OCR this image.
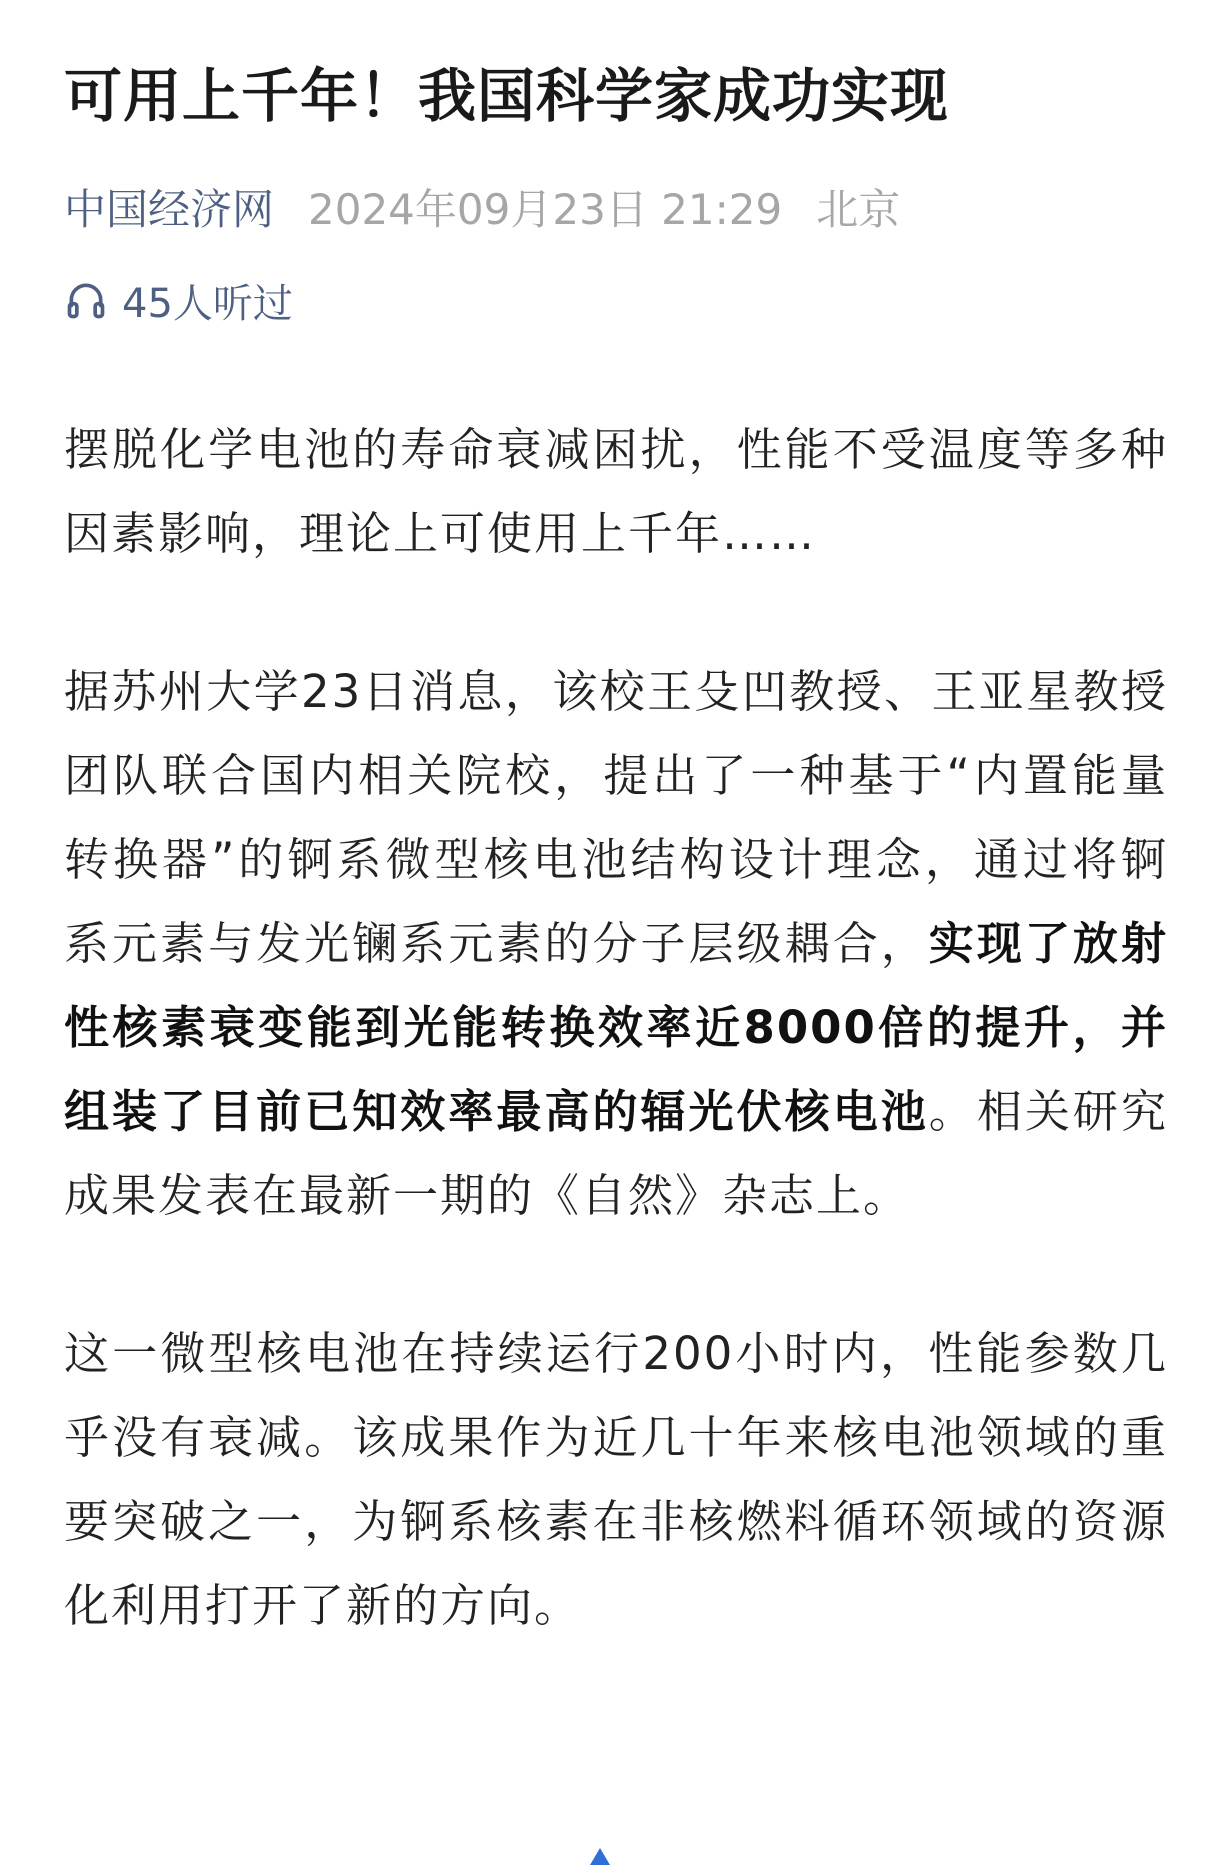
可用上千年！我国科学家成功实现
中国经济网 2024年09月23日 21:29 北京
45人听过

摆脱化学电池的寿命衰减困扰，性能不受温度等多种因素影响，理论上可使用上千年……

据苏州大学23日消息，该校王殳凹教授、王亚星教授团队联合国内相关院校，提出了一种基于“内置能量转换器”的锕系微型核电池结构设计理念，通过将锕系元素与发光镧系元素的分子层级耦合，实现了放射性核素衰变能到光能转换效率近8000倍的提升，并组装了目前已知效率最高的辐光伏核电池。相关研究成果发表在最新一期的《自然》杂志上。

这一微型核电池在持续运行200小时内，性能参数几乎没有衰减。该成果作为近几十年来核电池领域的重要突破之一，为锕系核素在非核燃料循环领域的资源化利用打开了新的方向。
